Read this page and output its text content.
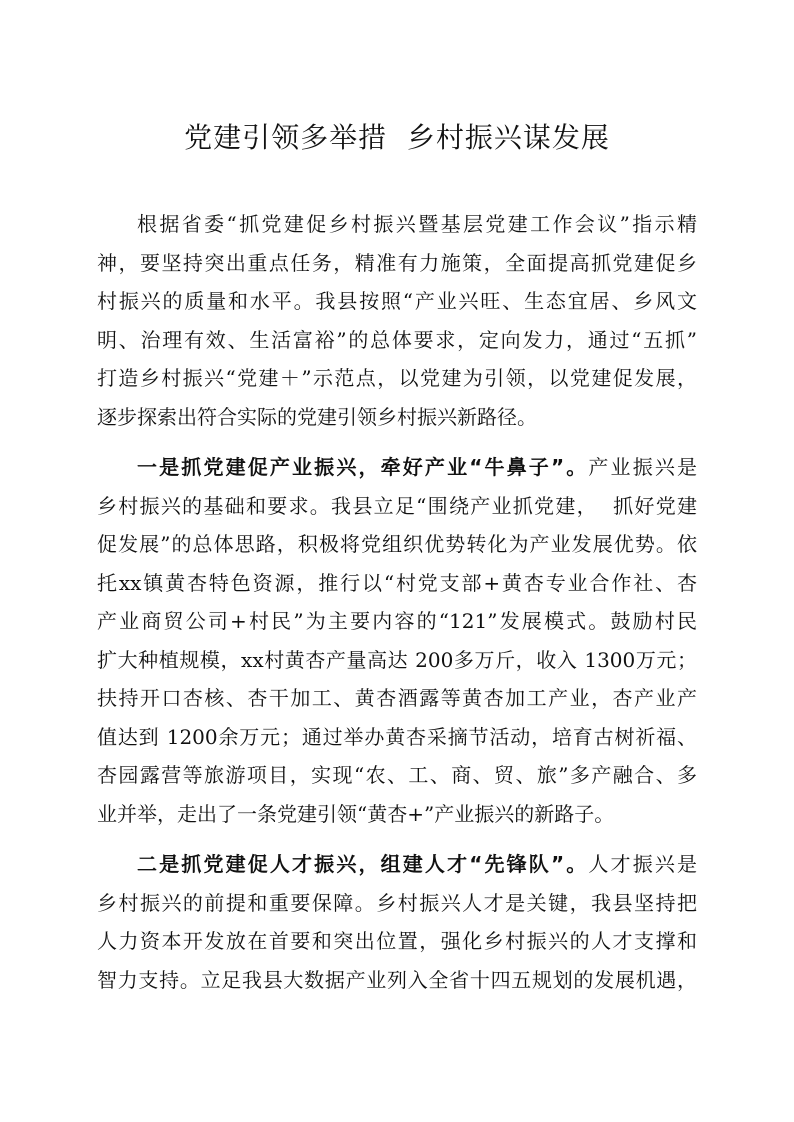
党建引领多举措  乡村振兴谋发展
根据省委“抓党建促乡村振兴暨基层党建工作会议”指示精
神，要坚持突出重点任务，精准有力施策，全面提高抓党建促乡
村振兴的质量和水平。我县按照“产业兴旺、生态宜居、乡风文
明、治理有效、生活富裕”的总体要求，定向发力，通过“五抓”
打造乡村振兴“党建＋”示范点，以党建为引领，以党建促发展，
逐步探索出符合实际的党建引领乡村振兴新路径。
一是抓党建促产业振兴，牵好产业“牛鼻子”。产业振兴是
乡村振兴的基础和要求。我县立足“围绕产业抓党建，  抓好党建
促发展”的总体思路，积极将党组织优势转化为产业发展优势。依
托xx镇黄杏特色资源，推行以“村党支部+黄杏专业合作社、杏
产业商贸公司+村民”为主要内容的“121”发展模式。鼓励村民
扩大种植规模，xx村黄杏产量高达 200多万斤，收入 1300万元；
扶持开口杏核、杏干加工、黄杏酒露等黄杏加工产业，杏产业产
值达到 1200余万元；通过举办黄杏采摘节活动，培育古树祈福、
杏园露营等旅游项目，实现“农、工、商、贸、旅”多产融合、多
业并举，走出了一条党建引领“黄杏+”产业振兴的新路子。
二是抓党建促人才振兴，组建人才“先锋队”。人才振兴是
乡村振兴的前提和重要保障。乡村振兴人才是关键，我县坚持把
人力资本开发放在首要和突出位置，强化乡村振兴的人才支撑和
智力支持。立足我县大数据产业列入全省十四五规划的发展机遇，
